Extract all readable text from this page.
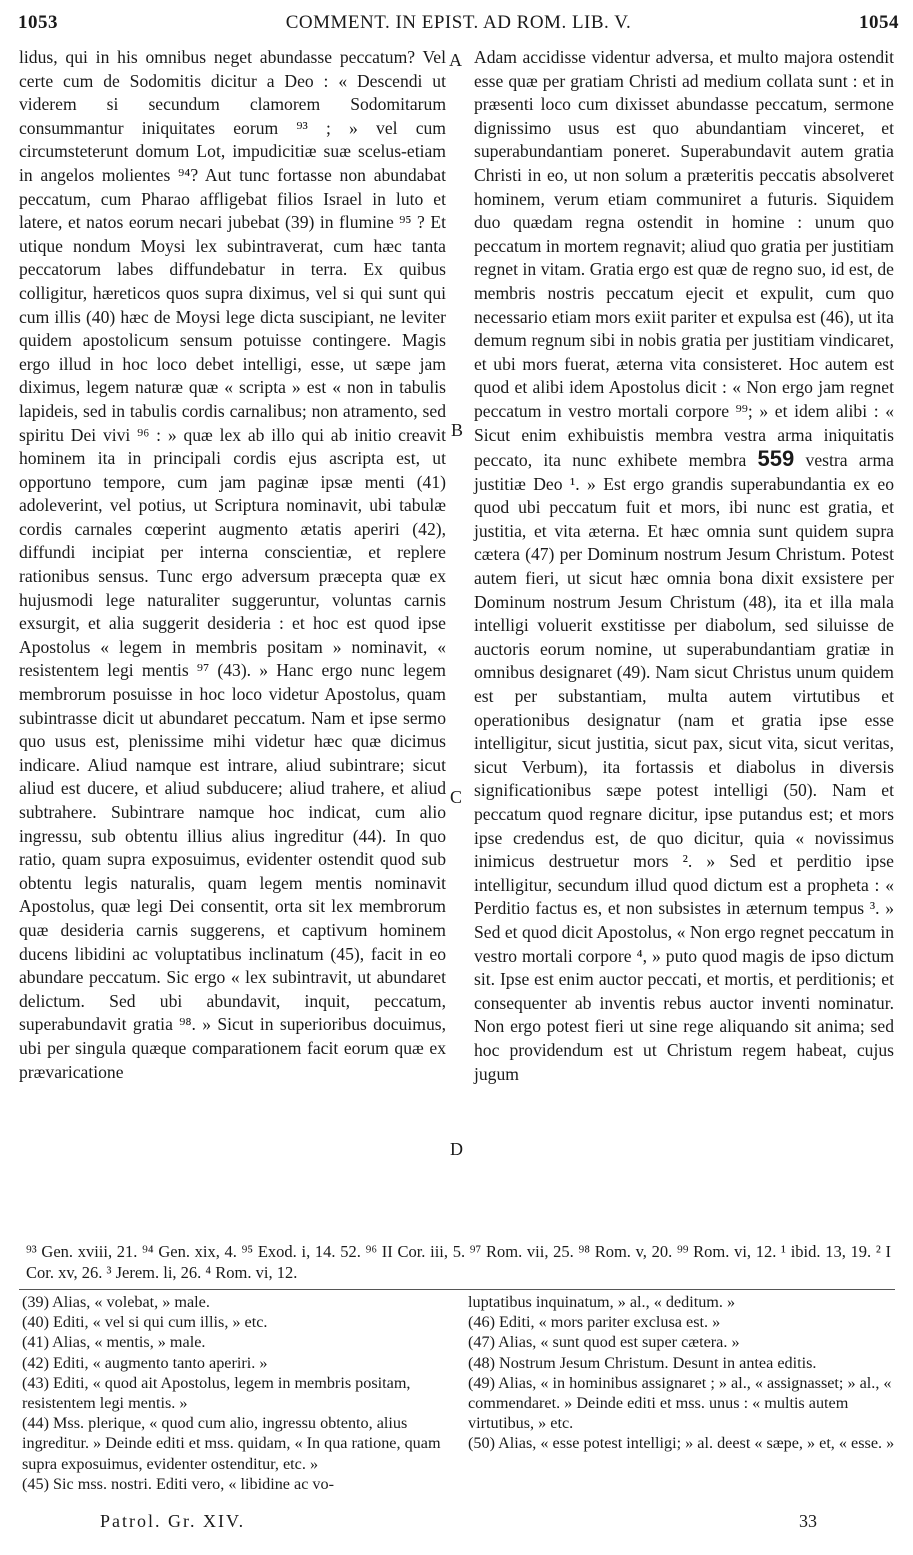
1053	COMMENT. IN EPIST. AD ROM. LIB. V.	1054

lidus, qui in his omnibus neget abundasse peccatum? Vel certe cum de Sodomitis dicitur a Deo : « Descendi ut viderem si secundum clamorem Sodomitarum consummantur iniquitates eorum ⁹³ ; » vel cum circumsteterunt domum Lot, impudicitiæ suæ scelus-etiam in angelos molientes ⁹⁴? Aut tunc fortasse non abundabat peccatum, cum Pharao affligebat filios Israel in luto et latere, et natos eorum necari jubebat (39) in flumine ⁹⁵ ? Et utique nondum Moysi lex subintraverat, cum hæc tanta peccatorum labes diffundebatur in terra. Ex quibus colligitur, hæreticos quos supra diximus, vel si qui sunt qui cum illis (40) hæc de Moysi lege dicta suscipiant, ne leviter quidem apostolicum sensum potuisse contingere. Magis ergo illud in hoc loco debet intelligi, esse, ut sæpe jam diximus, legem naturæ quæ « scripta » est « non in tabulis lapideis, sed in tabulis cordis carnalibus; non atramento, sed spiritu Dei vivi ⁹⁶ : » quæ lex ab illo qui ab initio creavit hominem ita in principali cordis ejus ascripta est, ut opportuno tempore, cum jam paginæ ipsæ menti (41) adoleverint, vel potius, ut Scriptura nominavit, ubi tabulæ cordis carnales cœperint augmento ætatis aperiri (42), diffundi incipiat per interna conscientiæ, et replere rationibus sensus. Tunc ergo adversum præcepta quæ ex hujusmodi lege naturaliter suggeruntur, voluntas carnis exsurgit, et alia suggerit desideria : et hoc est quod ipse Apostolus « legem in membris positam » nominavit, « resistentem legi mentis ⁹⁷ (43). » Hanc ergo nunc legem membrorum posuisse in hoc loco videtur Apostolus, quam subintrasse dicit ut abundaret peccatum. Nam et ipse sermo quo usus est, plenissime mihi videtur hæc quæ dicimus indicare. Aliud namque est intrare, aliud subintrare; sicut aliud est ducere, et aliud subducere; aliud trahere, et aliud subtrahere. Subintrare namque hoc indicat, cum alio ingressu, sub obtentu illius alius ingreditur (44). In quo ratio, quam supra exposuimus, evidenter ostendit quod sub obtentu legis naturalis, quam legem mentis nominavit Apostolus, quæ legi Dei consentit, orta sit lex membrorum quæ desideria carnis suggerens, et captivum hominem ducens libidini ac voluptatibus inclinatum (45), facit in eo abundare peccatum. Sic ergo « lex subintravit, ut abundaret delictum. Sed ubi abundavit, inquit, peccatum, superabundavit gratia ⁹⁸. » Sicut in superioribus docuimus, ubi per singula quæque comparationem facit eorum quæ ex prævaricatione

A
B
C
D

Adam accidisse videntur adversa, et multo majora ostendit esse quæ per gratiam Christi ad medium collata sunt : et in præsenti loco cum dixisset abundasse peccatum, sermone dignissimo usus est quo abundantiam vinceret, et superabundantiam poneret. Superabundavit autem gratia Christi in eo, ut non solum a præteritis peccatis absolveret hominem, verum etiam communiret a futuris. Siquidem duo quædam regna ostendit in homine : unum quo peccatum in mortem regnavit; aliud quo gratia per justitiam regnet in vitam. Gratia ergo est quæ de regno suo, id est, de membris nostris peccatum ejecit et expulit, cum quo necessario etiam mors exiit pariter et expulsa est (46), ut ita demum regnum sibi in nobis gratia per justitiam vindicaret, et ubi mors fuerat, æterna vita consisteret. Hoc autem est quod et alibi idem Apostolus dicit : « Non ergo jam regnet peccatum in vestro mortali corpore ⁹⁹; » et idem alibi : « Sicut enim exhibuistis membra vestra arma iniquitatis peccato, ita nunc exhibete membra 559 vestra arma justitiæ Deo ¹. » Est ergo grandis superabundantia ex eo quod ubi peccatum fuit et mors, ibi nunc est gratia, et justitia, et vita æterna. Et hæc omnia sunt quidem supra cætera (47) per Dominum nostrum Jesum Christum. Potest autem fieri, ut sicut hæc omnia bona dixit exsistere per Dominum nostrum Jesum Christum (48), ita et illa mala intelligi voluerit exstitisse per diabolum, sed siluisse de auctoris eorum nomine, ut superabundantiam gratiæ in omnibus designaret (49). Nam sicut Christus unum quidem est per substantiam, multa autem virtutibus et operationibus designatur (nam et gratia ipse esse intelligitur, sicut justitia, sicut pax, sicut vita, sicut veritas, sicut Verbum), ita fortassis et diabolus in diversis significationibus sæpe potest intelligi (50). Nam et peccatum quod regnare dicitur, ipse putandus est; et mors ipse credendus est, de quo dicitur, quia « novissimus inimicus destruetur mors ². » Sed et perditio ipse intelligitur, secundum illud quod dictum est a propheta : « Perditio factus es, et non subsistes in æternum tempus ³. » Sed et quod dicit Apostolus, « Non ergo regnet peccatum in vestro mortali corpore ⁴, » puto quod magis de ipso dictum sit. Ipse est enim auctor peccati, et mortis, et perditionis; et consequenter ab inventis rebus auctor inventi nominatur. Non ergo potest fieri ut sine rege aliquando sit anima; sed hoc providendum est ut Christum regem habeat, cujus jugum

⁹³ Gen. xviii, 21. ⁹⁴ Gen. xix, 4. ⁹⁵ Exod. i, 14. 52. ⁹⁶ II Cor. iii, 5. ⁹⁷ Rom. vii, 25. ⁹⁸ Rom. v, 20. ⁹⁹ Rom. vi, 12. ¹ ibid. 13, 19. ² I Cor. xv, 26. ³ Jerem. li, 26. ⁴ Rom. vi, 12.
(39) Alias, « volebat, » male.
(40) Editi, « vel si qui cum illis, » etc.
(41) Alias, « mentis, » male.
(42) Editi, « augmento tanto aperiri. »
(43) Editi, « quod ait Apostolus, legem in membris positam, resistentem legi mentis. »
(44) Mss. plerique, « quod cum alio, ingressu obtento, alius ingreditur. » Deinde editi et mss. quidam, « In qua ratione, quam supra exposuimus, evidenter ostenditur, etc. »
(45) Sic mss. nostri. Editi vero, « libidine ac vo-
luptatibus inquinatum, » al., « deditum. »
(46) Editi, « mors pariter exclusa est. »
(47) Alias, « sunt quod est super cætera. »
(48) Nostrum Jesum Christum. Desunt in antea editis.
(49) Alias, « in hominibus assignaret ; » al., « assignasset; » al., « commendaret. » Deinde editi et mss. unus : « multis autem virtutibus, » etc.
(50) Alias, « esse potest intelligi; » al. deest « sæpe, » et, « esse. »
Patrol. Gr. XIV.	33
